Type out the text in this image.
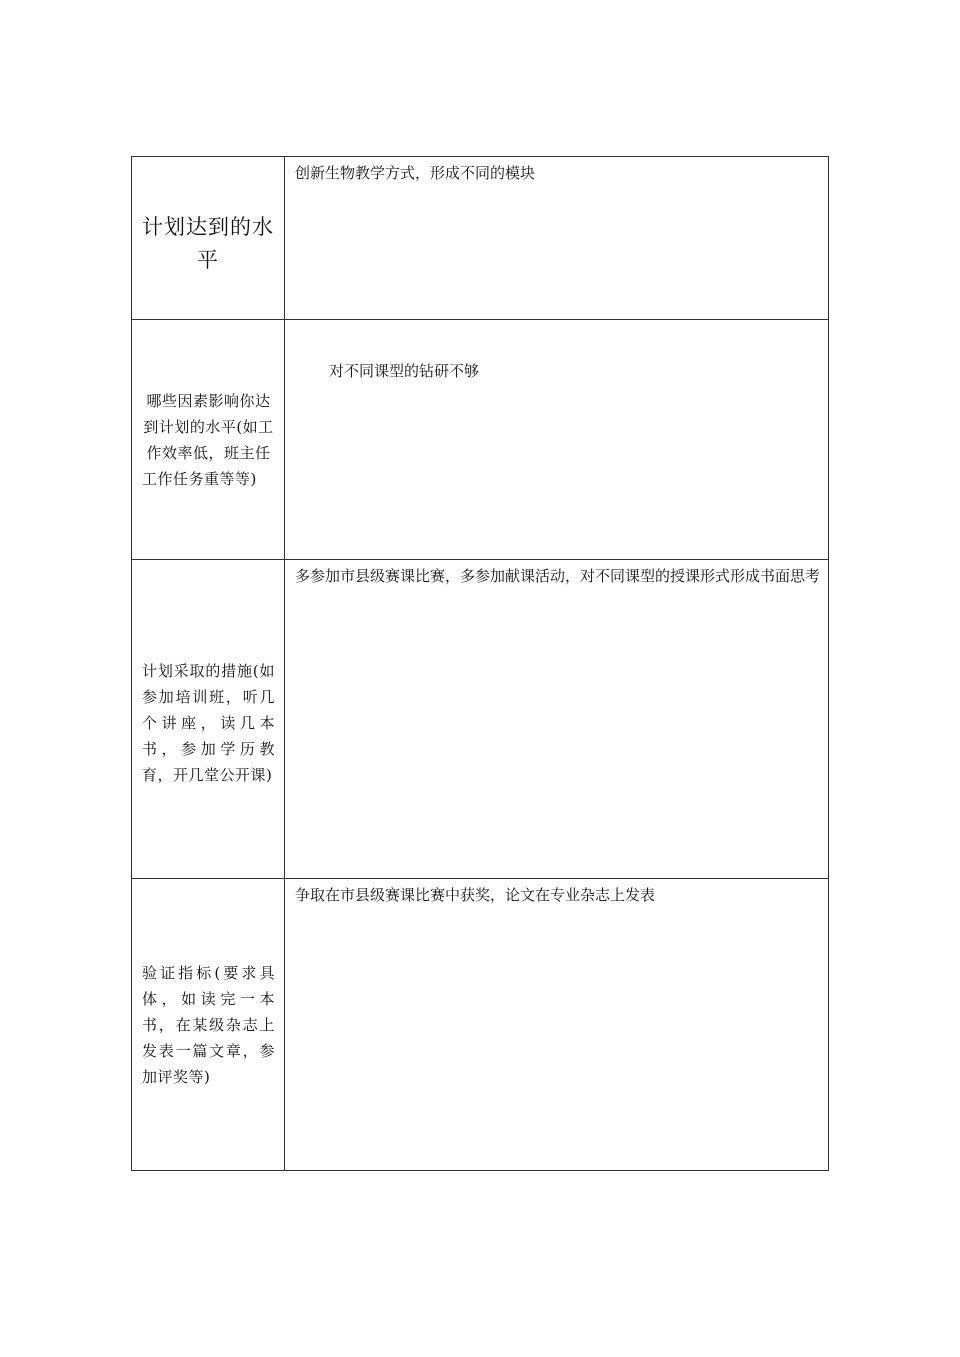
计划达到的水平	创新生物教学方式，形成不同的模块

哪些因素影响你达到计划的水平(如工作效率低，班主任工作任务重等等)	对不同课型的钻研不够

计划采取的措施(如参加培训班，听几个讲座，读几本书，参加学历教育，开几堂公开课)	多参加市县级赛课比赛，多参加献课活动，对不同课型的授课形式形成书面思考

验证指标(要求具体，如读完一本书，在某级杂志上发表一篇文章，参加评奖等)	争取在市县级赛课比赛中获奖，论文在专业杂志上发表
